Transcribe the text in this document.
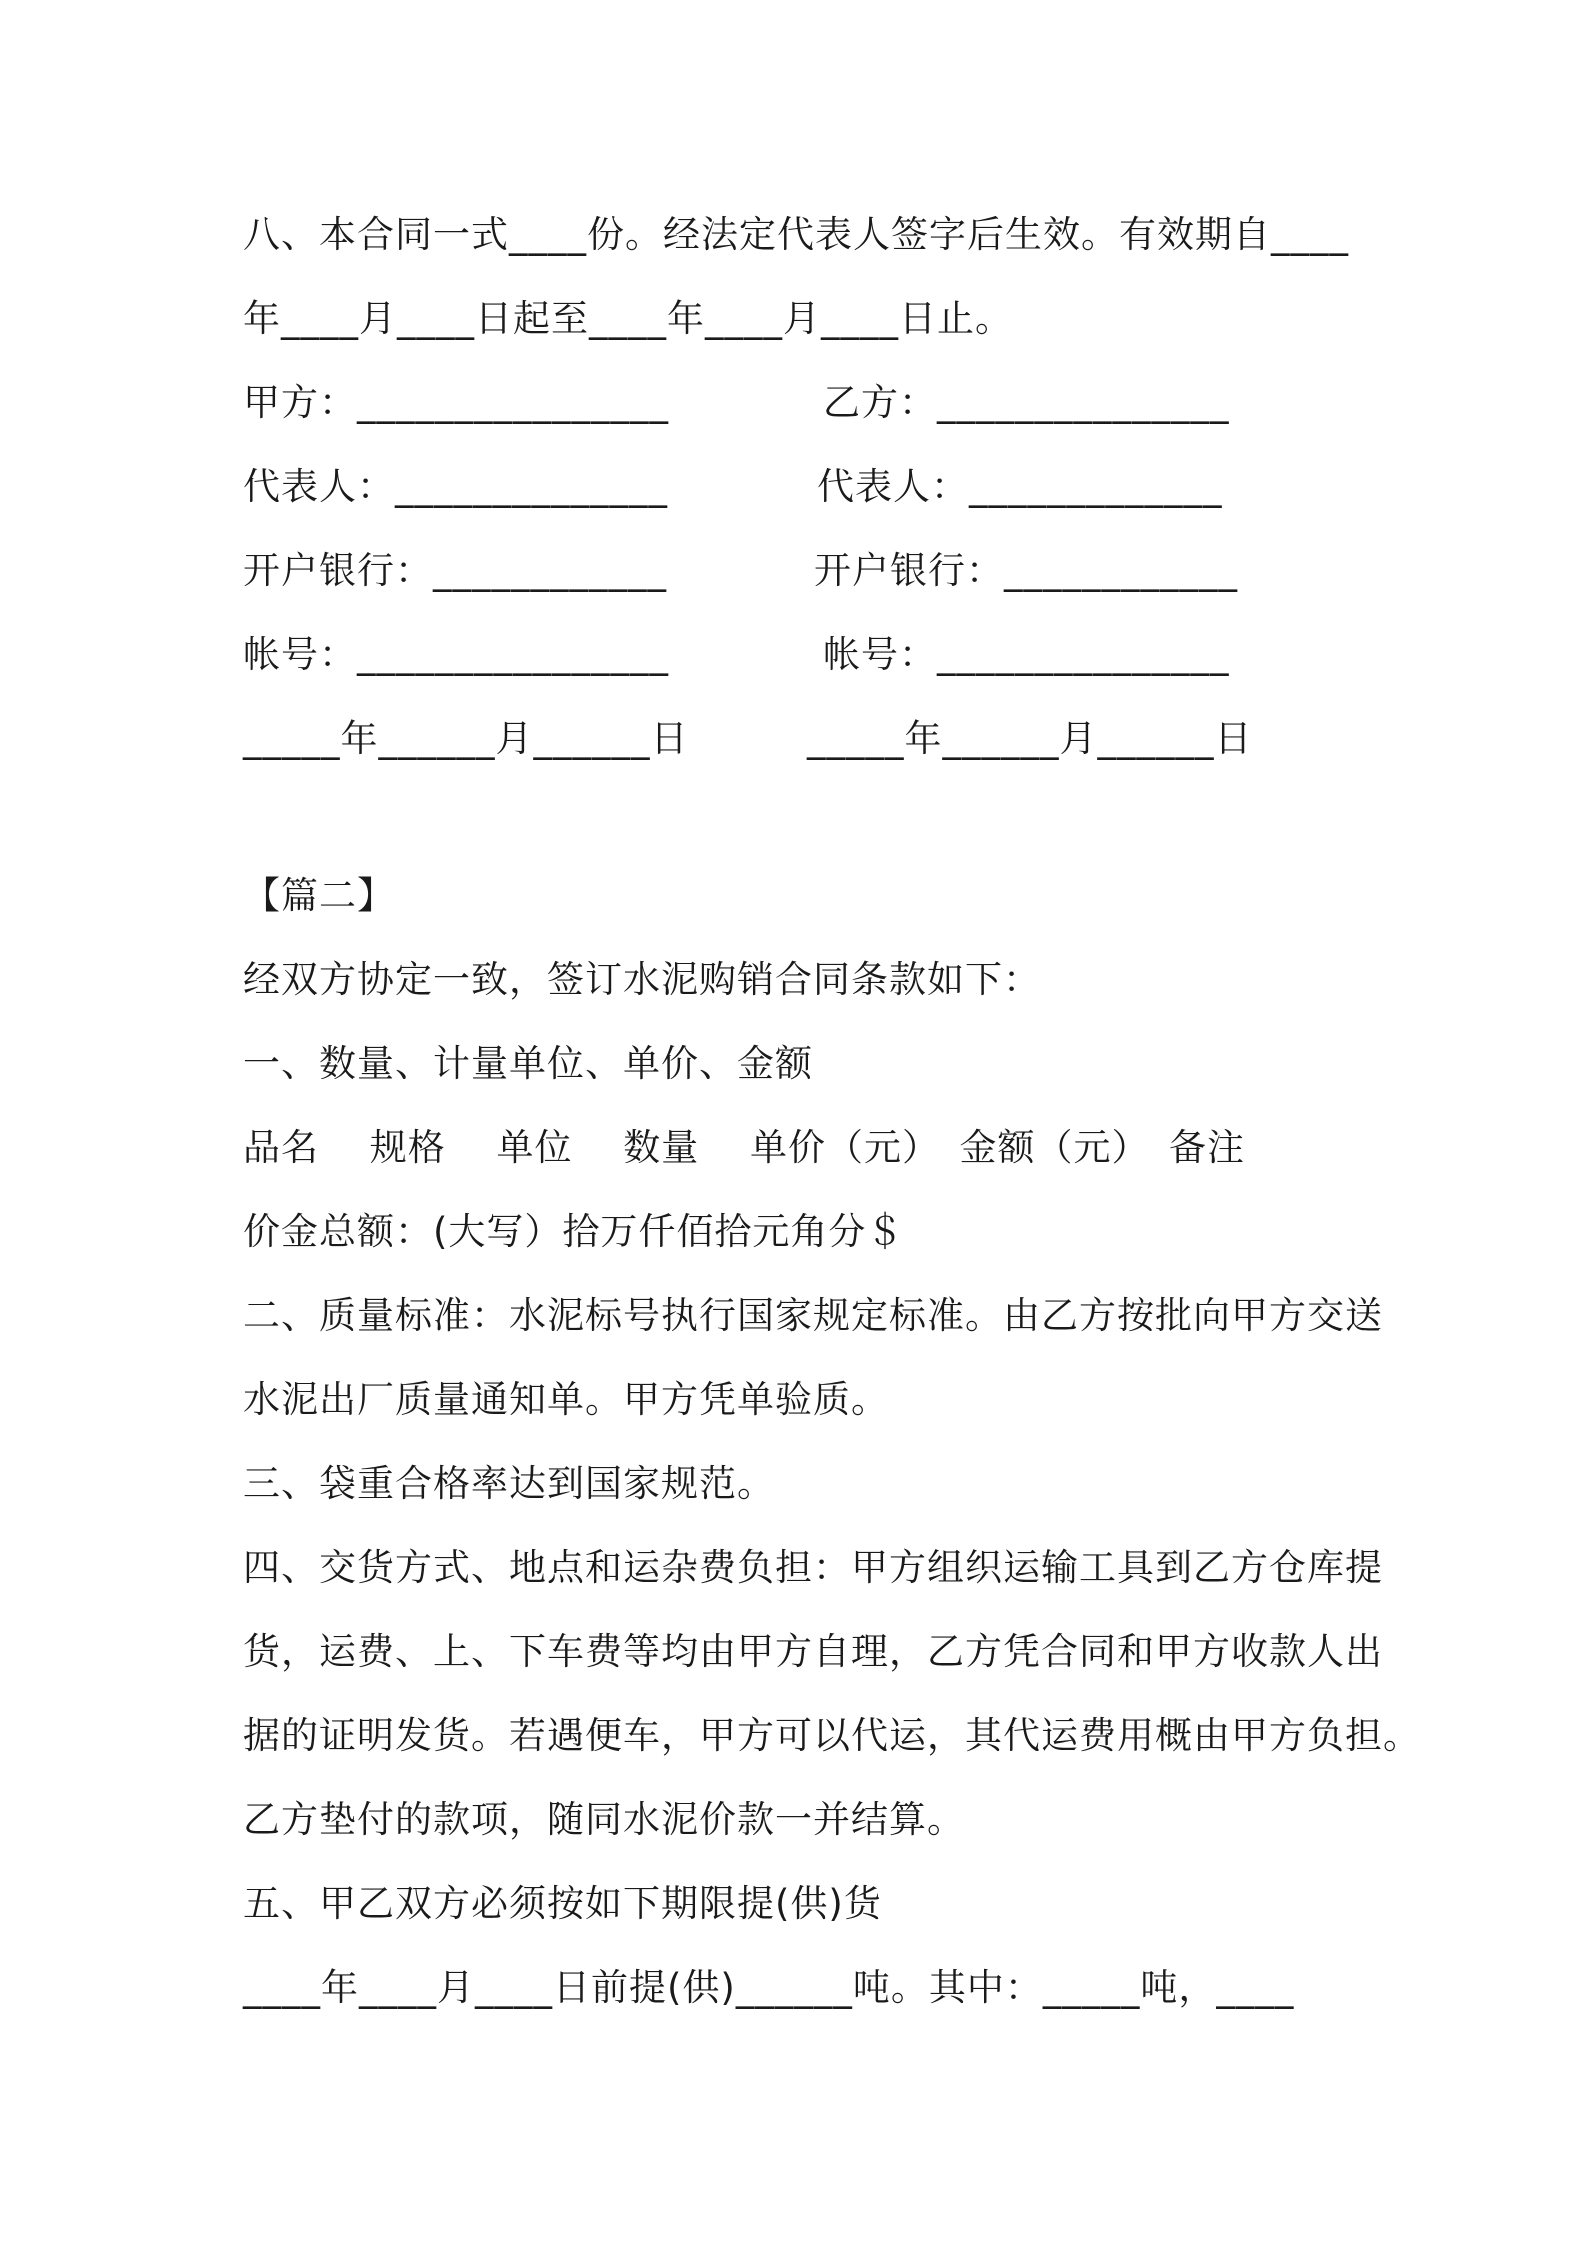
八、本合同一式____份。经法定代表人签字后生效。有效期自____
年____月____日起至____年____月____日止。
甲方：________________	乙方：_______________
代表人：______________	代表人：_____________
开户银行：____________	开户银行：____________
帐号：________________	帐号：_______________
_____年______月______日	_____年______月______日
【篇二】
经双方协定一致，签订水泥购销合同条款如下：
一、数量、计量单位、单价、金额
品名　 规格　 单位　 数量　 单价（元）　金额（元）　备注
价金总额：(大写）拾万仟佰拾元角分＄
二、质量标准：水泥标号执行国家规定标准。由乙方按批向甲方交送
水泥出厂质量通知单。甲方凭单验质。
三、袋重合格率达到国家规范。
四、交货方式、地点和运杂费负担：甲方组织运输工具到乙方仓库提
货，运费、上、下车费等均由甲方自理，乙方凭合同和甲方收款人出
据的证明发货。若遇便车，甲方可以代运，其代运费用概由甲方负担。
乙方垫付的款项，随同水泥价款一并结算。
五、甲乙双方必须按如下期限提(供)货
____年____月____日前提(供)______吨。其中：_____吨，____
